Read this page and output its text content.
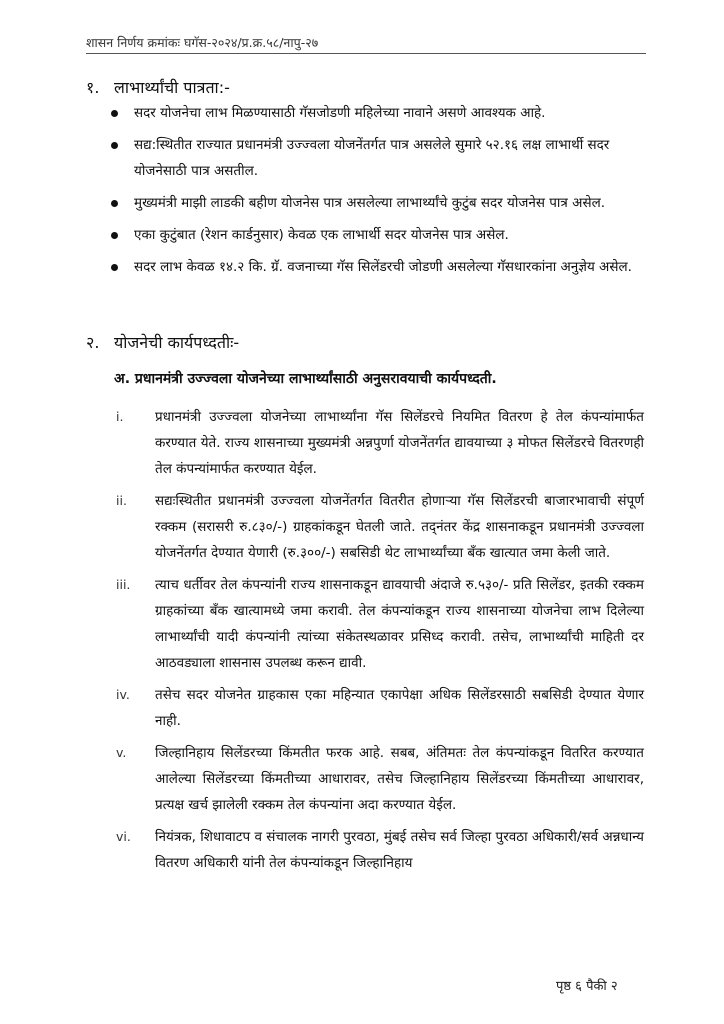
शासन निर्णय क्रमांकः घगॅस-२०२४/प्र.क्र.५८/नापु-२७
१. लाभार्थ्यांची पात्रता:-
सदर योजनेचा लाभ मिळण्यासाठी गॅसजोडणी महिलेच्या नावाने असणे आवश्यक आहे.
सद्य:स्थितीत राज्यात प्रधानमंत्री उज्ज्वला योजनेंतर्गत पात्र असलेले सुमारे ५२.१६ लक्ष लाभार्थी सदर योजनेसाठी पात्र असतील.
मुख्यमंत्री माझी लाडकी बहीण योजनेस पात्र असलेल्या लाभार्थ्यांचे कुटुंब सदर योजनेस पात्र असेल.
एका कुटुंबात (रेशन कार्डनुसार) केवळ एक लाभार्थी सदर योजनेस पात्र असेल.
सदर लाभ केवळ १४.२ कि. ग्रॅ. वजनाच्या गॅस सिलेंडरची जोडणी असलेल्या गॅसधारकांना अनुज्ञेय असेल.
२. योजनेची कार्यपध्दतीः-
अ. प्रधानमंत्री उज्ज्वला योजनेच्या लाभार्थ्यांसाठी अनुसरावयाची कार्यपध्दती.
i. प्रधानमंत्री उज्ज्वला योजनेच्या लाभार्थ्यांना गॅस सिलेंडरचे नियमित वितरण हे तेल कंपन्यांमार्फत करण्यात येते. राज्य शासनाच्या मुख्यमंत्री अन्नपुर्णा योजनेंतर्गत द्यावयाच्या ३ मोफत सिलेंडरचे वितरणही तेल कंपन्यांमार्फत करण्यात येईल.
ii. सद्यःस्थितीत प्रधानमंत्री उज्ज्वला योजनेंतर्गत वितरीत होणाऱ्या गॅस सिलेंडरची बाजारभावाची संपूर्ण रक्कम (सरासरी रु.८३०/-) ग्राहकांकडून घेतली जाते. तद्नंतर केंद्र शासनाकडून प्रधानमंत्री उज्ज्वला योजनेंतर्गत देण्यात येणारी (रु.३००/-) सबसिडी थेट लाभार्थ्यांच्या बँक खात्यात जमा केली जाते.
iii. त्याच धर्तीवर तेल कंपन्यांनी राज्य शासनाकडून द्यावयाची अंदाजे रु.५३०/- प्रति सिलेंडर, इतकी रक्कम ग्राहकांच्या बँक खात्यामध्ये जमा करावी. तेल कंपन्यांकडून राज्य शासनाच्या योजनेचा लाभ दिलेल्या लाभार्थ्यांची यादी कंपन्यांनी त्यांच्या संकेतस्थळावर प्रसिध्द करावी. तसेच, लाभार्थ्यांची माहिती दर आठवड्याला शासनास उपलब्ध करून द्यावी.
iv. तसेच सदर योजनेत ग्राहकास एका महिन्यात एकापेक्षा अधिक सिलेंडरसाठी सबसिडी देण्यात येणार नाही.
v. जिल्हानिहाय सिलेंडरच्या किंमतीत फरक आहे. सबब, अंतिमतः तेल कंपन्यांकडून वितरित करण्यात आलेल्या सिलेंडरच्या किंमतीच्या आधारावर, तसेच जिल्हानिहाय सिलेंडरच्या किंमतीच्या आधारावर, प्रत्यक्ष खर्च झालेली रक्कम तेल कंपन्यांना अदा करण्यात येईल.
vi. नियंत्रक, शिधावाटप व संचालक नागरी पुरवठा, मुंबई तसेच सर्व जिल्हा पुरवठा अधिकारी/सर्व अन्नधान्य वितरण अधिकारी यांनी तेल कंपन्यांकडून जिल्हानिहाय
पृष्ठ ६ पैकी २
